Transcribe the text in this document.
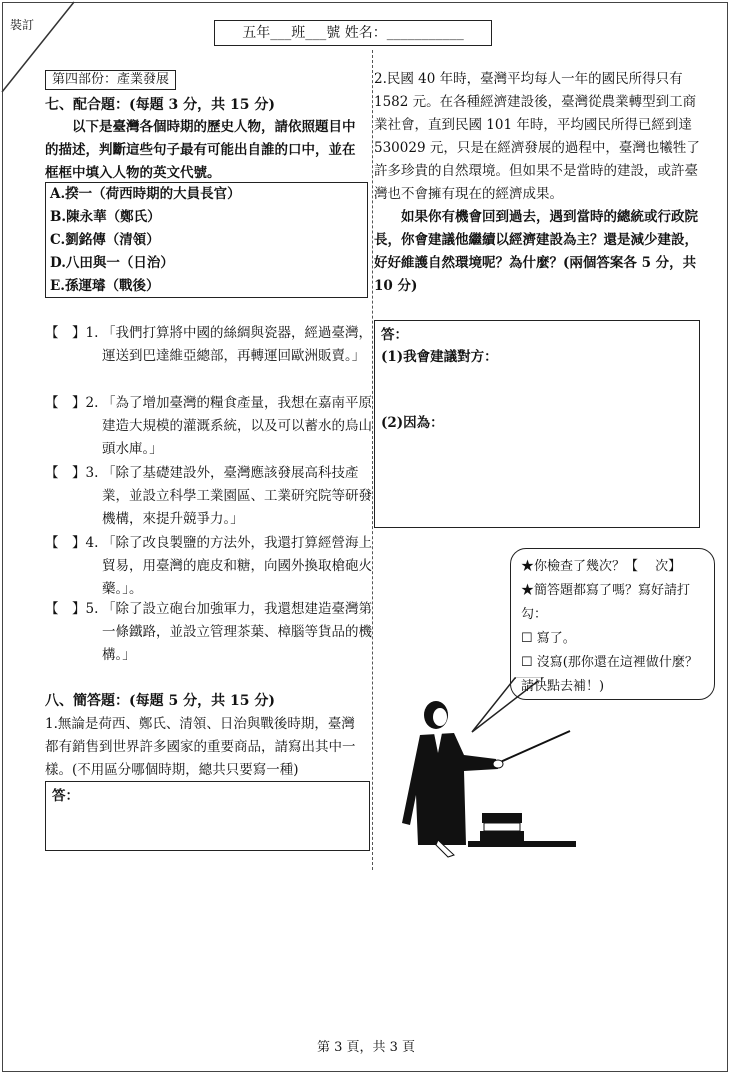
裝訂	五年___班___號 姓名：___________
第四部份：產業發展
七、配合題：(每題 3 分，共 15 分)
以下是臺灣各個時期的歷史人物，請依照題目中的描述，判斷這些句子最有可能出自誰的口中，並在框框中填入人物的英文代號。
A.揆一（荷西時期的大員長官）
B.陳永華（鄭氏）
C.劉銘傳（清領）
D.八田與一（日治）
E.孫運璿（戰後）
【　】1. 「我們打算將中國的絲綢與瓷器，經過臺灣，運送到巴達維亞總部，再轉運回歐洲販賣。」
【　】2. 「為了增加臺灣的糧食產量，我想在嘉南平原建造大規模的灌溉系統，以及可以蓄水的烏山頭水庫。」
【　】3. 「除了基礎建設外，臺灣應該發展高科技產業，並設立科學工業園區、工業研究院等研發機構，來提升競爭力。」
【　】4. 「除了改良製鹽的方法外，我還打算經營海上貿易，用臺灣的鹿皮和糖，向國外換取槍砲火藥。」。
【　】5. 「除了設立砲台加強軍力，我還想建造臺灣第一條鐵路，並設立管理茶葉、樟腦等貨品的機構。」
八、簡答題：(每題 5 分，共 15 分)
1.無論是荷西、鄭氏、清領、日治與戰後時期，臺灣都有銷售到世界許多國家的重要商品，請寫出其中一樣。(不用區分哪個時期，總共只要寫一種)
答：
2.民國 40 年時，臺灣平均每人一年的國民所得只有 1582 元。在各種經濟建設後，臺灣從農業轉型到工商業社會，直到民國 101 年時，平均國民所得已經到達 530029 元，只是在經濟發展的過程中，臺灣也犧牲了許多珍貴的自然環境。但如果不是當時的建設，或許臺灣也不會擁有現在的經濟成果。
如果你有機會回到過去，遇到當時的總統或行政院長，你會建議他繼續以經濟建設為主？還是減少建設，好好維護自然環境呢？為什麼？(兩個答案各 5 分，共 10 分)
答：
(1)我會建議對方：
(2)因為：
★你檢查了幾次？【　 次】
★簡答題都寫了嗎？寫好請打勾：
☐ 寫了。
☐ 沒寫(那你還在這裡做什麼？請快點去補！)
第 3 頁，共 3 頁
